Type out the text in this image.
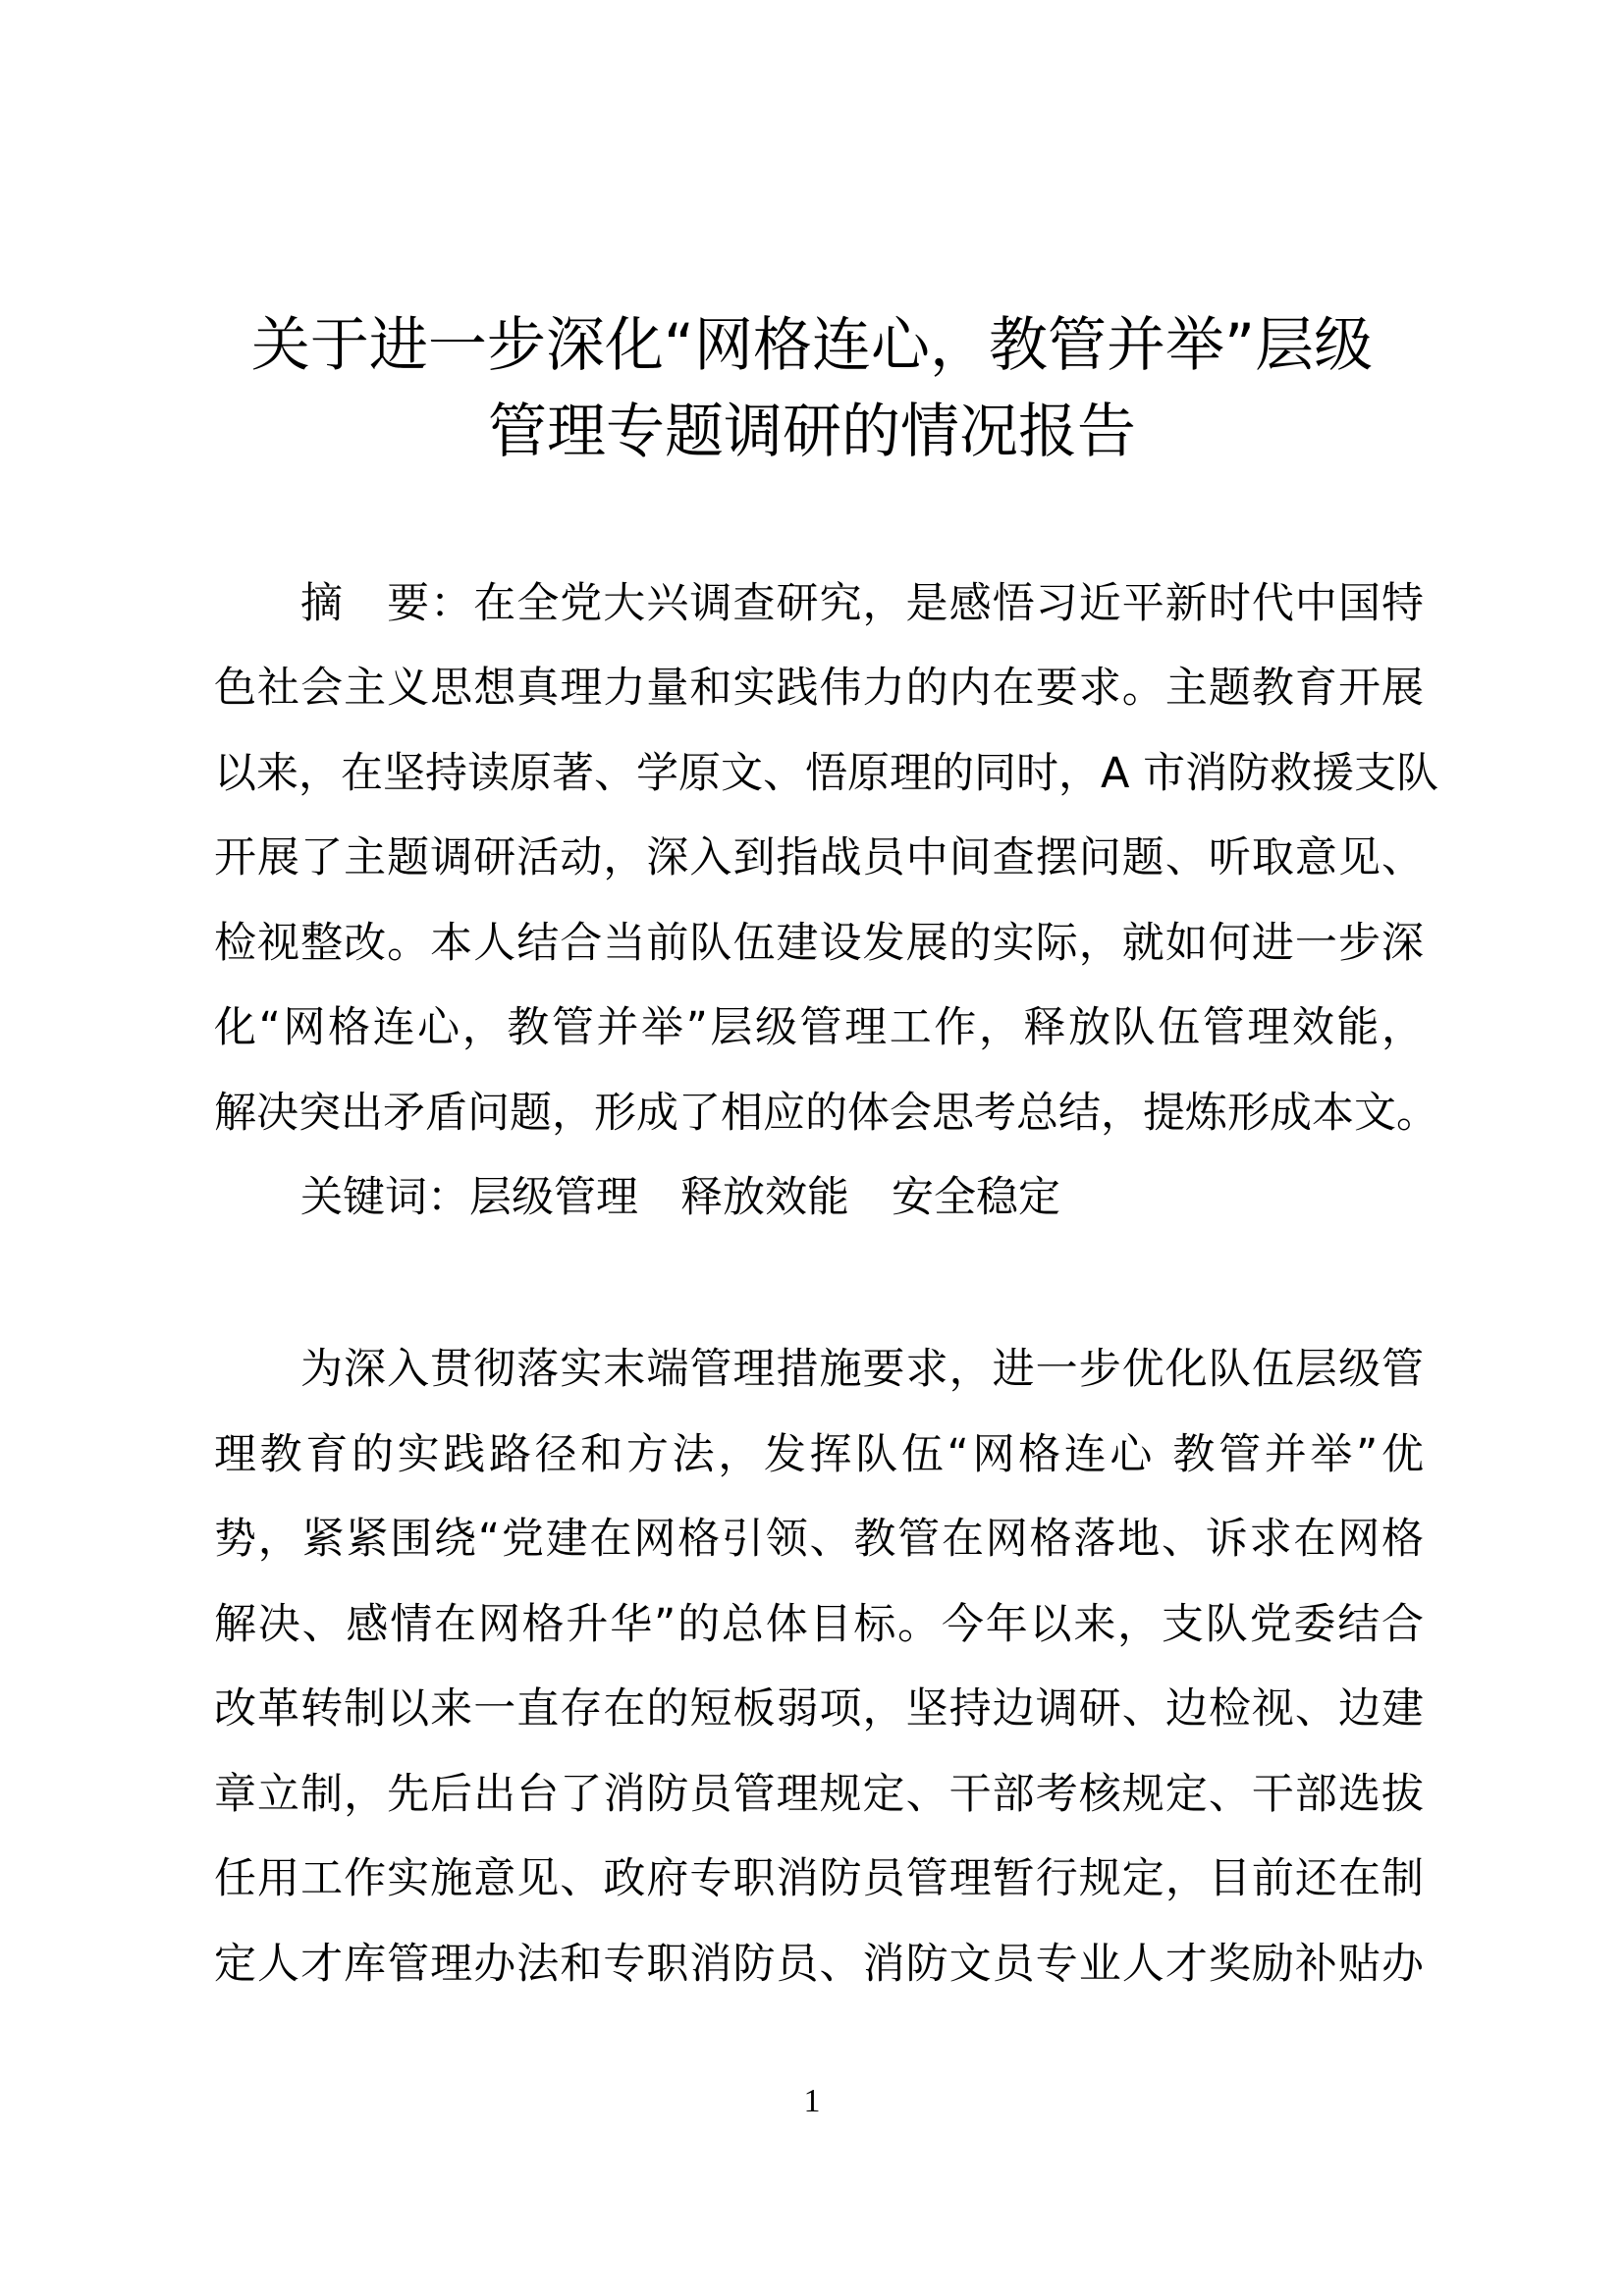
关于进一步深化“网格连心，教管并举”层级
管理专题调研的情况报告
摘　要：在全党大兴调查研究，是感悟习近平新时代中国特
色社会主义思想真理力量和实践伟力的内在要求。主题教育开展
以来，在坚持读原著、学原文、悟原理的同时，A 市消防救援支队
开展了主题调研活动，深入到指战员中间查摆问题、听取意见、
检视整改。本人结合当前队伍建设发展的实际，就如何进一步深
化“网格连心，教管并举”层级管理工作，释放队伍管理效能，
解决突出矛盾问题，形成了相应的体会思考总结，提炼形成本文。
关键词：层级管理　释放效能　安全稳定
为深入贯彻落实末端管理措施要求，进一步优化队伍层级管
理教育的实践路径和方法，发挥队伍“网格连心 教管并举”优
势，紧紧围绕“党建在网格引领、教管在网格落地、诉求在网格
解决、感情在网格升华”的总体目标。今年以来，支队党委结合
改革转制以来一直存在的短板弱项，坚持边调研、边检视、边建
章立制，先后出台了消防员管理规定、干部考核规定、干部选拔
任用工作实施意见、政府专职消防员管理暂行规定，目前还在制
定人才库管理办法和专职消防员、消防文员专业人才奖励补贴办
1
